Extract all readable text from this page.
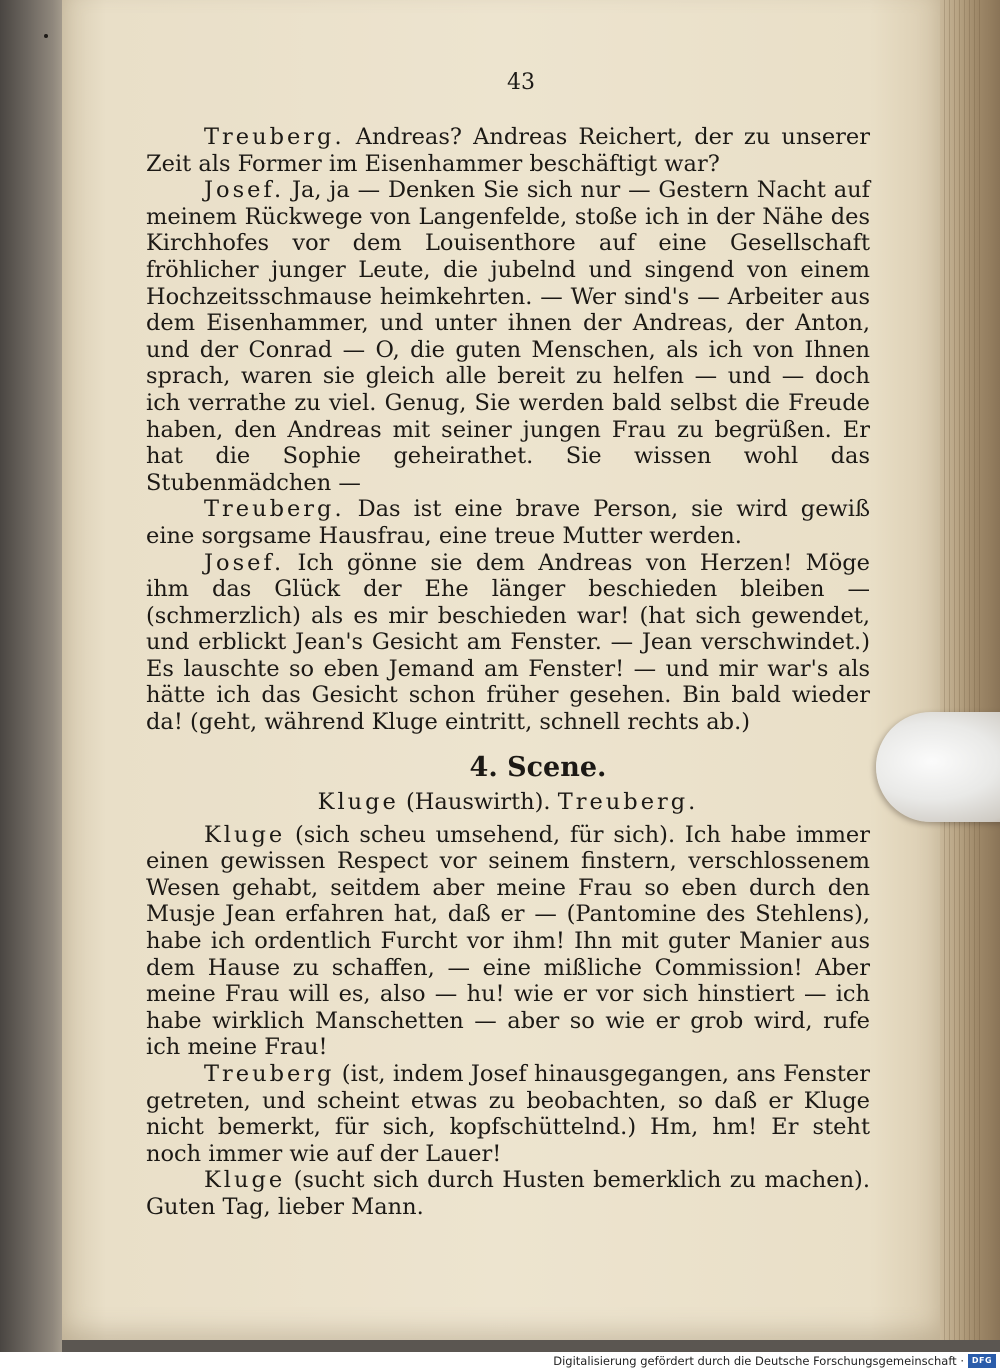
43

Treuberg. Andreas? Andreas Reichert, der zu unserer Zeit als Former im Eisenhammer beschäftigt war?

Josef. Ja, ja — Denken Sie sich nur — Gestern Nacht auf meinem Rückwege von Langenfelde, stoße ich in der Nähe des Kirchhofes vor dem Louisenthore auf eine Gesellschaft fröhlicher junger Leute, die jubelnd und singend von einem Hochzeitsschmause heimkehrten. — Wer sind's — Arbeiter aus dem Eisenhammer, und unter ihnen der Andreas, der Anton, und der Conrad — O, die guten Menschen, als ich von Ihnen sprach, waren sie gleich alle bereit zu helfen — und — doch ich verrathe zu viel. Genug, Sie werden bald selbst die Freude haben, den Andreas mit seiner jungen Frau zu begrüßen. Er hat die Sophie geheirathet. Sie wissen wohl das Stubenmädchen —

Treuberg. Das ist eine brave Person, sie wird gewiß eine sorgsame Hausfrau, eine treue Mutter werden.

Josef. Ich gönne sie dem Andreas von Herzen! Möge ihm das Glück der Ehe länger beschieden bleiben — (schmerzlich) als es mir beschieden war! (hat sich gewendet, und erblickt Jean's Gesicht am Fenster. — Jean verschwindet.) Es lauschte so eben Jemand am Fenster! — und mir war's als hätte ich das Gesicht schon früher gesehen. Bin bald wieder da! (geht, während Kluge eintritt, schnell rechts ab.)

4. Scene.
Kluge (Hauswirth). Treuberg.

Kluge (sich scheu umsehend, für sich). Ich habe immer einen gewissen Respect vor seinem finstern, verschlossenem Wesen gehabt, seitdem aber meine Frau so eben durch den Musje Jean erfahren hat, daß er — (Pantomine des Stehlens), habe ich ordentlich Furcht vor ihm! Ihn mit guter Manier aus dem Hause zu schaffen, — eine mißliche Commission! Aber meine Frau will es, also — hu! wie er vor sich hinstiert — ich habe wirklich Manschetten — aber so wie er grob wird, rufe ich meine Frau!

Treuberg (ist, indem Josef hinausgegangen, ans Fenster getreten, und scheint etwas zu beobachten, so daß er Kluge nicht bemerkt, für sich, kopfschüttelnd.) Hm, hm! Er steht noch immer wie auf der Lauer!

Kluge (sucht sich durch Husten bemerklich zu machen). Guten Tag, lieber Mann.

Digitalisierung gefördert durch die Deutsche Forschungsgemeinschaft · DFG
